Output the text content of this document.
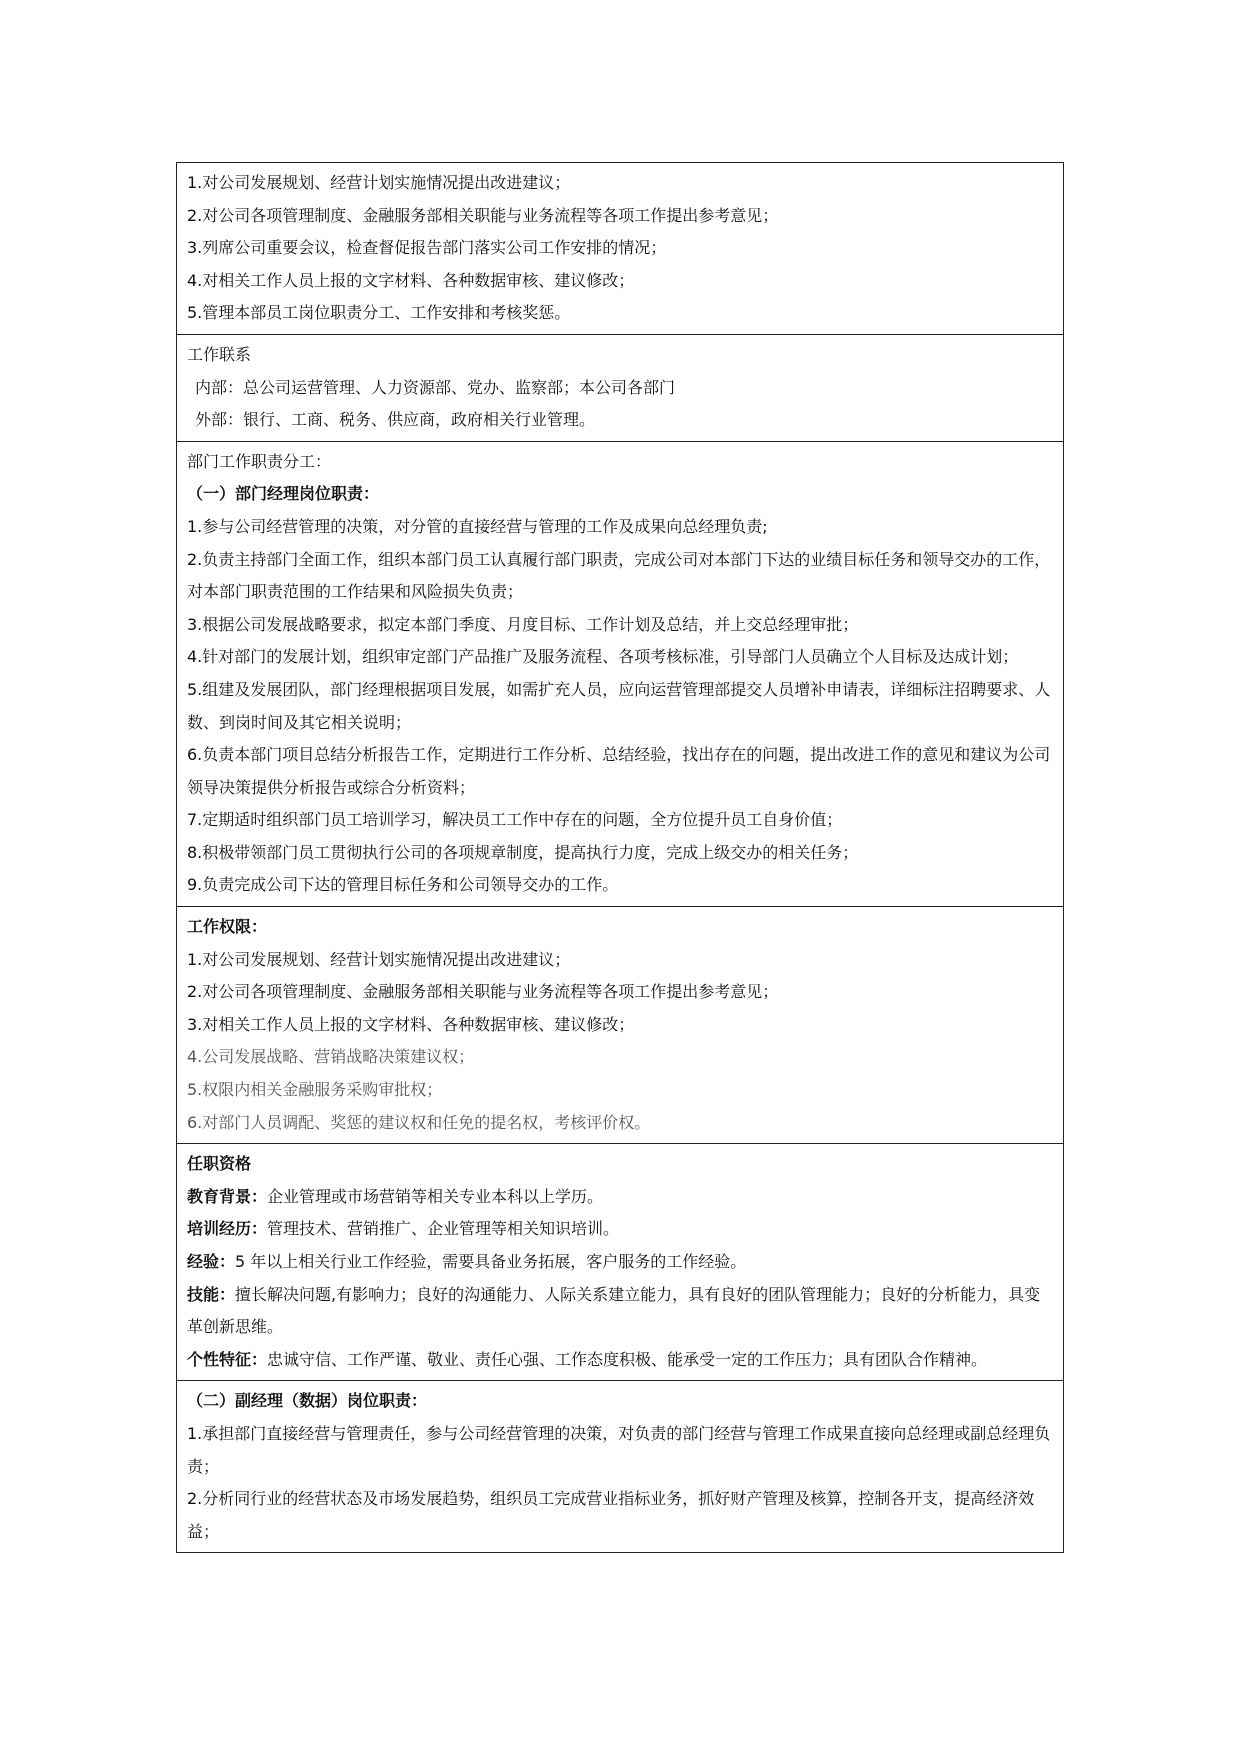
1.对公司发展规划、经营计划实施情况提出改进建议；
2.对公司各项管理制度、金融服务部相关职能与业务流程等各项工作提出参考意见；
3.列席公司重要会议，检查督促报告部门落实公司工作安排的情况；
4.对相关工作人员上报的文字材料、各种数据审核、建议修改；
5.管理本部员工岗位职责分工、工作安排和考核奖惩。
工作联系
内部：总公司运营管理、人力资源部、党办、监察部；本公司各部门
外部：银行、工商、税务、供应商，政府相关行业管理。
部门工作职责分工：
（一）部门经理岗位职责：
1.参与公司经营管理的决策，对分管的直接经营与管理的工作及成果向总经理负责;
2.负责主持部门全面工作，组织本部门员工认真履行部门职责，完成公司对本部门下达的业绩目标任务和领导交办的工作，对本部门职责范围的工作结果和风险损失负责；
3.根据公司发展战略要求，拟定本部门季度、月度目标、工作计划及总结，并上交总经理审批；
4.针对部门的发展计划，组织审定部门产品推广及服务流程、各项考核标准，引导部门人员确立个人目标及达成计划；
5.组建及发展团队，部门经理根据项目发展，如需扩充人员，应向运营管理部提交人员增补申请表，详细标注招聘要求、人数、到岗时间及其它相关说明；
6.负责本部门项目总结分析报告工作，定期进行工作分析、总结经验，找出存在的问题，提出改进工作的意见和建议为公司领导决策提供分析报告或综合分析资料；
7.定期适时组织部门员工培训学习，解决员工工作中存在的问题，全方位提升员工自身价值；
8.积极带领部门员工贯彻执行公司的各项规章制度，提高执行力度，完成上级交办的相关任务；
9.负责完成公司下达的管理目标任务和公司领导交办的工作。
工作权限：
1.对公司发展规划、经营计划实施情况提出改进建议；
2.对公司各项管理制度、金融服务部相关职能与业务流程等各项工作提出参考意见；
3.对相关工作人员上报的文字材料、各种数据审核、建议修改；
4.公司发展战略、营销战略决策建议权；
5.权限内相关金融服务采购审批权；
6.对部门人员调配、奖惩的建议权和任免的提名权，考核评价权。
任职资格
教育背景：企业管理或市场营销等相关专业本科以上学历。
培训经历：管理技术、营销推广、企业管理等相关知识培训。
经验：5 年以上相关行业工作经验，需要具备业务拓展，客户服务的工作经验。
技能：擅长解决问题,有影响力；良好的沟通能力、人际关系建立能力，具有良好的团队管理能力；良好的分析能力，具变革创新思维。
个性特征：忠诚守信、工作严谨、敬业、责任心强、工作态度积极、能承受一定的工作压力；具有团队合作精神。
（二）副经理（数据）岗位职责：
1.承担部门直接经营与管理责任，参与公司经营管理的决策，对负责的部门经营与管理工作成果直接向总经理或副总经理负责；
2.分析同行业的经营状态及市场发展趋势，组织员工完成营业指标业务，抓好财产管理及核算，控制各开支，提高经济效益；
